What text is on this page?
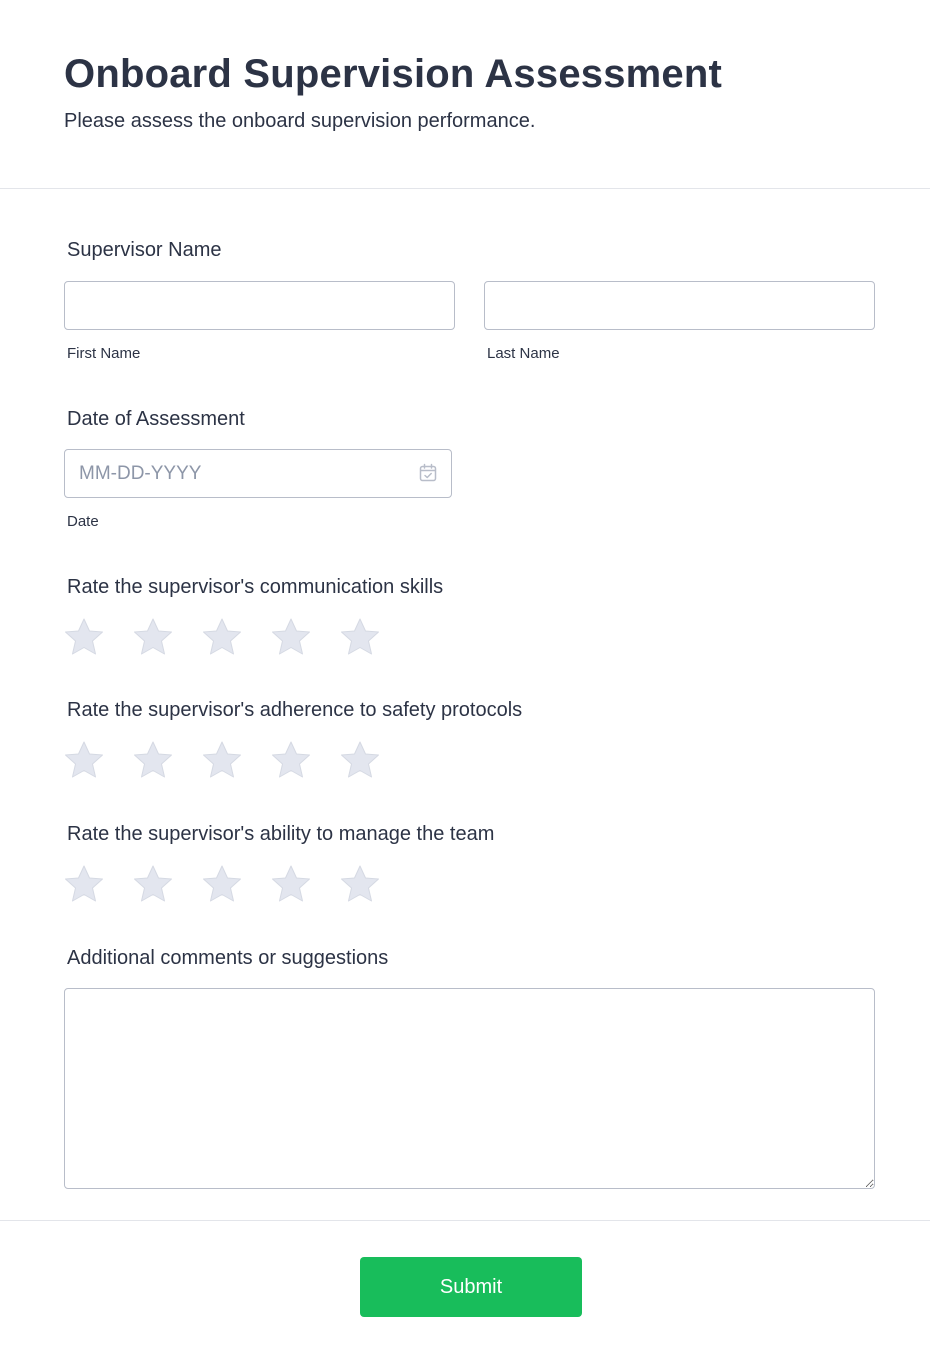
Onboard Supervision Assessment
Please assess the onboard supervision performance.
Supervisor Name
First Name	Last Name
Date of Assessment
MM-DD-YYYY
Date
Rate the supervisor's communication skills
Rate the supervisor's adherence to safety protocols
Rate the supervisor's ability to manage the team
Additional comments or suggestions
Submit
